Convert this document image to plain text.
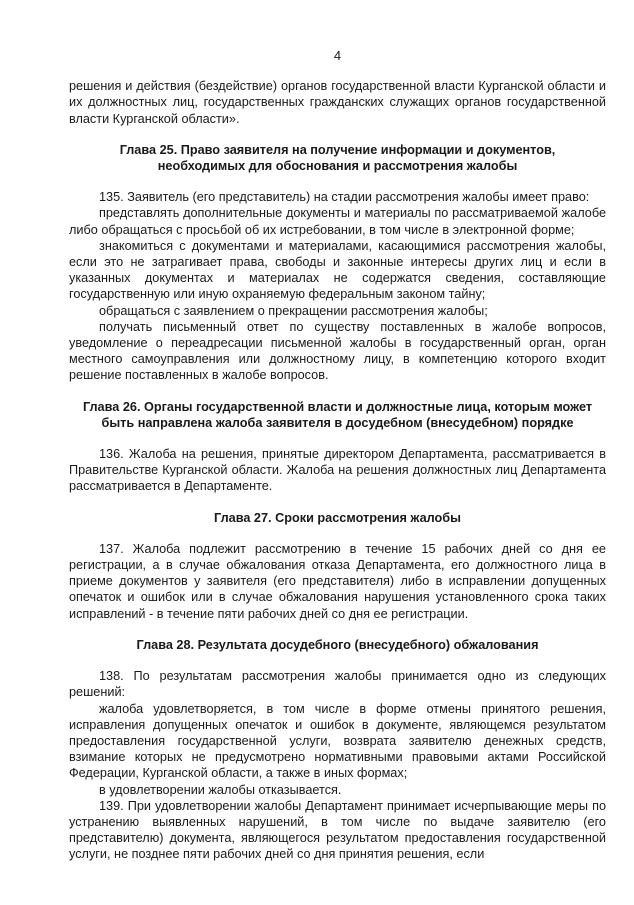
4

решения и действия (бездействие) органов государственной власти Курганской области и их должностных лиц, государственных гражданских служащих органов государственной власти Курганской области».

Глава 25. Право заявителя на получение информации и документов,

необходимых для обоснования и рассмотрения жалобы

135. Заявитель (его представитель) на стадии рассмотрения жалобы имеет право:

представлять дополнительные документы и материалы по рассматриваемой жалобе либо обращаться с просьбой об их истребовании, в том числе в электронной форме;

знакомиться с документами и материалами, касающимися рассмотрения жалобы, если это не затрагивает права, свободы и законные интересы других лиц и если в указанных документах и материалах не содержатся сведения, составляющие государственную или иную охраняемую федеральным законом тайну;

обращаться с заявлением о прекращении рассмотрения жалобы;

получать письменный ответ по существу поставленных в жалобе вопросов, уведомление о переадресации письменной жалобы в государственный орган, орган местного самоуправления или должностному лицу, в компетенцию которого входит решение поставленных в жалобе вопросов.

Глава 26. Органы государственной власти и должностные лица, которым может

быть направлена жалоба заявителя в досудебном (внесудебном) порядке

136. Жалоба на решения, принятые директором Департамента, рассматривается в Правительстве Курганской области. Жалоба на решения должностных лиц Департамента рассматривается в Департаменте.

Глава 27. Сроки рассмотрения жалобы

137. Жалоба подлежит рассмотрению в течение 15 рабочих дней со дня ее регистрации, а в случае обжалования отказа Департамента, его должностного лица в приеме документов у заявителя (его представителя) либо в исправлении допущенных опечаток и ошибок или в случае обжалования нарушения установленного срока таких исправлений - в течение пяти рабочих дней со дня ее регистрации.

Глава 28. Результата досудебного (внесудебного) обжалования

138. По результатам рассмотрения жалобы принимается одно из следующих решений:

жалоба удовлетворяется, в том числе в форме отмены принятого решения, исправления допущенных опечаток и ошибок в документе, являющемся результатом предоставления государственной услуги, возврата заявителю денежных средств, взимание которых не предусмотрено нормативными правовыми актами Российской Федерации, Курганской области, а также в иных формах;

в удовлетворении жалобы отказывается.

139. При удовлетворении жалобы Департамент принимает исчерпывающие меры по устранению выявленных нарушений, в том числе по выдаче заявителю (его представителю) документа, являющегося результатом предоставления государственной услуги, не позднее пяти рабочих дней со дня принятия решения, если
